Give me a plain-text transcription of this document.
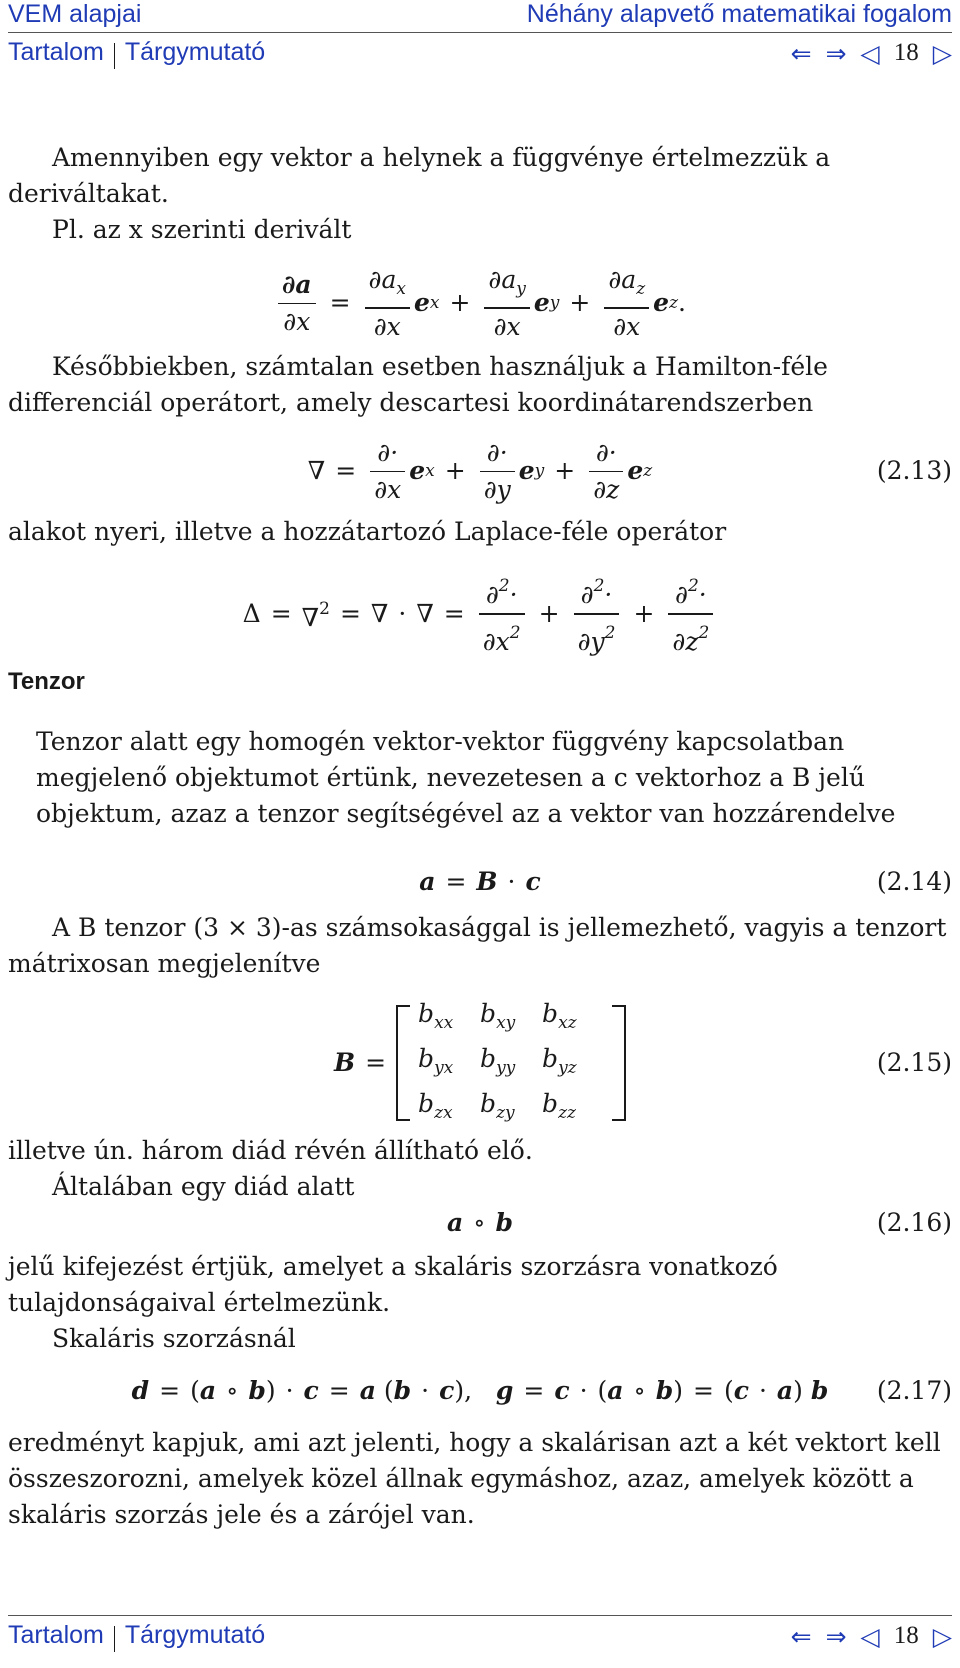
VEM alapjai	Néhány alapvető matematikai fogalom
Tartalom Tárgymutató	⇐ ⇒ ◁ 18 ▷

Amennyiben egy vektor a helynek a függvénye értelmezzük a deriváltakat.

Pl. az x szerinti derivált

$\frac{\partial a}{\partial x} = \frac{\partial a_x}{\partial x}$ e $x + \frac{\partial a_y}{\partial x}$ e $y + \frac{\partial a_z}{\partial x}$ e z .

Későbbiekben, számtalan esetben használjuk a Hamilton-féle differenciál operátort, amely descartesi koordinátarendszerben

∇ = $\frac{\partial\cdot}{\partial x}$ e $x + \frac{\partial\cdot}{\partial y}$ e $y + \frac{\partial\cdot}{\partial z}$ e z	(2.13)

alakot nyeri, illetve a hozzátartozó Laplace-féle operátor

Δ = ∇$^2$ = ∇ · ∇ = $\frac{\partial^2\cdot}{\partial x^2} + \frac{\partial^2\cdot}{\partial y^2} + \frac{\partial^2\cdot}{\partial z^2}$
Tenzor

Tenzor alatt egy homogén vektor-vektor függvény kapcsolatban megjelenő objektumot értünk, nevezetesen a c vektorhoz a B jelű objektum, azaz a tenzor segítségével az a vektor van hozzárendelve

a = B · c	(2.14)

A B tenzor (3 × 3)-as számsokasággal is jellemezhető, vagyis a tenzort mátrixosan megjelenítve

B =
$b_{xx}$	$b_{xy}$	$b_{xz}$
$b_{yx}$	$b_{yy}$	$b_{yz}$
$b_{zx}$	$b_{zy}$	$b_{zz}$
(2.15)

illetve ún. három diád révén állítható elő.

Általában egy diád alatt

a ∘ b	(2.16)

jelű kifejezést értjük, amelyet a skaláris szorzásra vonatkozó tulajdonságaival értelmezünk.

Skaláris szorzásnál

d = ( a ∘ b ) · c = a
( b · c ) ,
g = c · ( a ∘ b ) = ( c · a )
b (2.17)

eredményt kapjuk, ami azt jelenti, hogy a skalárisan azt a két vektort kell összeszorozni, amelyek közel állnak egymáshoz, azaz, amelyek között a skaláris szorzás jele és a zárójel van.

Tartalom Tárgymutató	⇐ ⇒ ◁ 18 ▷
